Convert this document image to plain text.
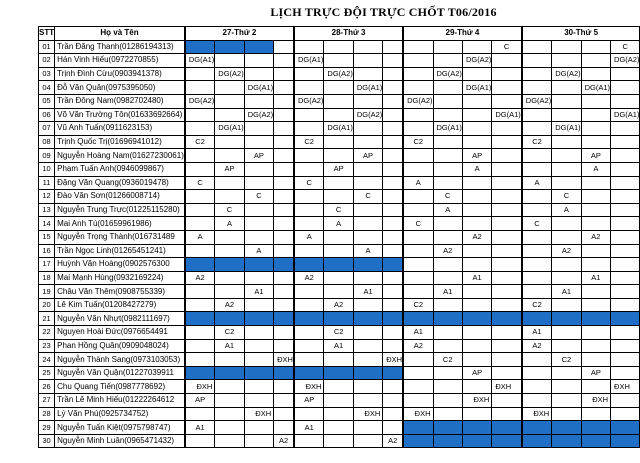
LỊCH TRỰC ĐỘI TRỰC CHỐT T06/2016
STT	Họ và Tên	27-Thứ 2				28-Thứ 3				29-Thứ 4				30-Thứ 5			
01	Trần Đăng Thanh(01286194313)												C				C
02	Hán Vinh Hiếu(0972270855)	DG(A1)				DG(A1)						DG(A2)					DG(A2)
03	Trịnh Đình Cừu(0903941378)		DG(A2)				DG(A2)				DG(A2)				DG(A2)		
04	Đỗ Văn Quân(0975395050)			DG(A1)				DG(A1)				DG(A1)				DG(A1)	
05	Trần Đông Nam(0982702480)	DG(A2)				DG(A2)				DG(A2)				DG(A2)			
06	Võ Văn Trường Tôn(01633692664)			DG(A2)				DG(A2)					DG(A1)				DG(A1)
07	Vũ Anh Tuấn(0911623153)		DG(A1)				DG(A1)				DG(A1)				DG(A1)		
08	Trịnh Quốc Trị(01696941012)	C2				C2				C2				C2			
09	Nguyễn Hoàng Nam(01627230061)			AP				AP				AP				AP	
10	Phạm Tuấn Anh(0946099867)		AP				AP					A				A	
11	Đặng Văn Quang(0936019478)	C				C				A				A			
12	Đào Văn Sơn(01266008714)			C				C			C				C		
13	Nguyễn Trung Trực(01225115280)		C				C				A				A		
14	Mai Anh Tú(01659961986)		A				A			C				C			
15	Nguyễn Trọng Thành(016731489	A				A						A2				A2	
16	Trần Ngọc Linh(01265451241)			A				A			A2				A2		
17	Huỳnh Văn Hoàng(0902576300																
18	Mai Mạnh Hùng(0932169224)	A2				A2						A1				A1	
19	Châu Văn Thêm(0908755339)			A1				A1			A1				A1		
20	Lê Kim Tuấn(01208427279)		A2				A2			C2				C2			
21	Nguyễn Văn Nhựt(0982111697)																
22	Nguyen Hoài Đức(0976654491		C2				C2			A1				A1			
23	Phan Hồng Quân(0909048024)		A1				A1			A2				A2			
24	Nguyễn Thành Sang(0973103053)				ĐXH				ĐXH		C2				C2		
25	Nguyễn Văn Quận(01227039911											AP				AP	
26	Chu Quang Tiến(0987778692)	ĐXH				ĐXH							ĐXH				ĐXH
27	Trần Lê Minh Hiếu(01222264612	AP				AP						ĐXH				ĐXH	
28	Lý Văn Phú(0925734752)			ĐXH				ĐXH		ĐXH				ĐXH			
29	Nguyễn Tuấn Kiệt(0975798747)	A1				A1											
30	Nguyễn Minh Luân(0965471432)				A2				A2								
